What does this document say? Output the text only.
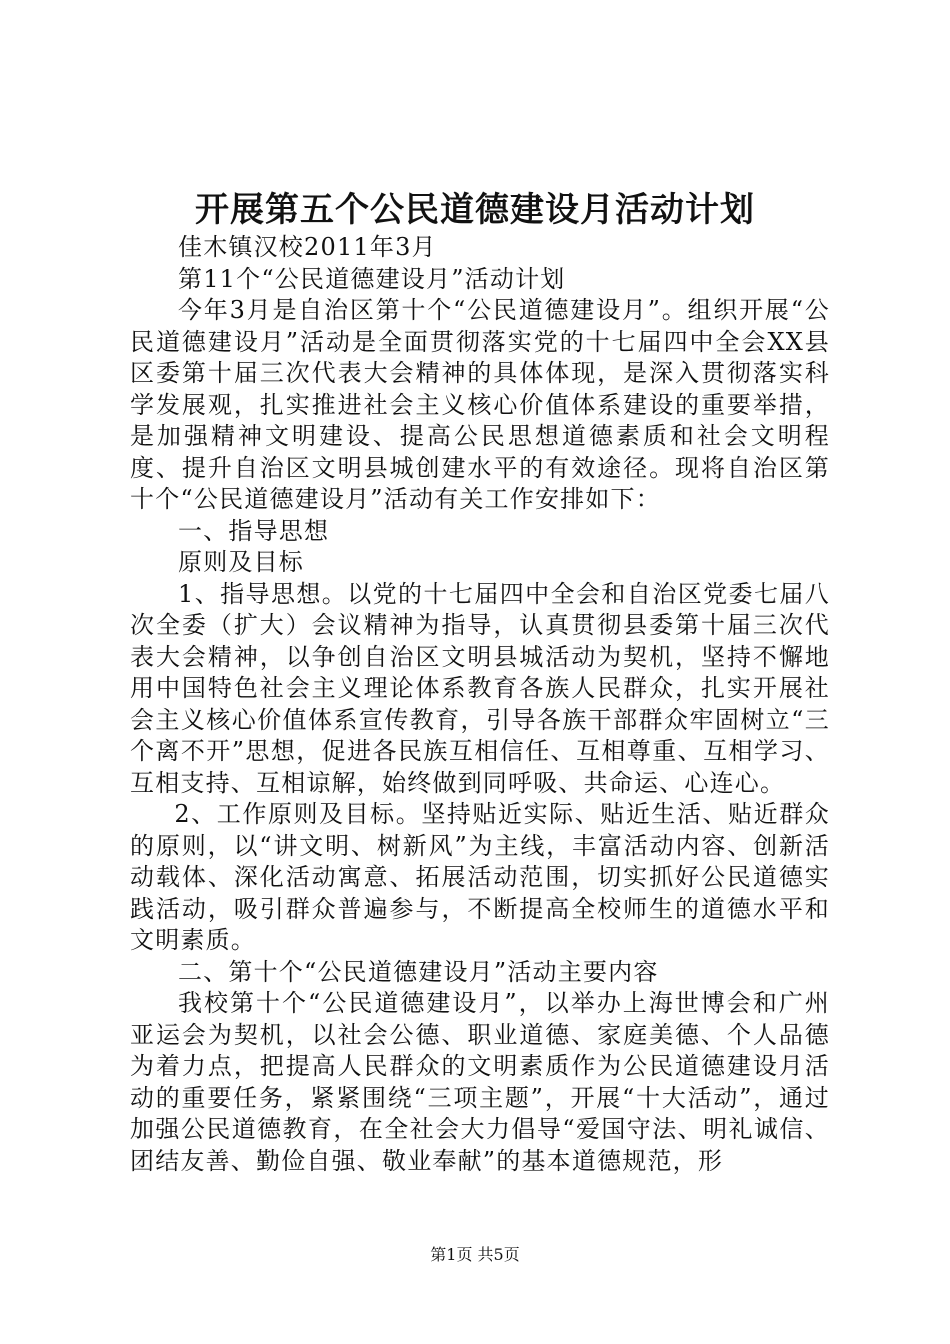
开展第五个公民道德建设月活动计划

佳木镇汉校2011年3月

第11个“公民道德建设月”活动计划

今年3月是自治区第十个“公民道德建设月”。组织开展“公民道德建设月”活动是全面贯彻落实党的十七届四中全会XX县区委第十届三次代表大会精神的具体体现，是深入贯彻落实科学发展观，扎实推进社会主义核心价值体系建设的重要举措，是加强精神文明建设、提高公民思想道德素质和社会文明程度、提升自治区文明县城创建水平的有效途径。现将自治区第十个“公民道德建设月”活动有关工作安排如下：

一、指导思想

原则及目标

1、指导思想。以党的十七届四中全会和自治区党委七届八次全委（扩大）会议精神为指导，认真贯彻县委第十届三次代表大会精神，以争创自治区文明县城活动为契机，坚持不懈地用中国特色社会主义理论体系教育各族人民群众，扎实开展社会主义核心价值体系宣传教育，引导各族干部群众牢固树立“三个离不开”思想，促进各民族互相信任、互相尊重、互相学习、互相支持、互相谅解，始终做到同呼吸、共命运、心连心。

2、工作原则及目标。坚持贴近实际、贴近生活、贴近群众的原则，以“讲文明、树新风”为主线，丰富活动内容、创新活动载体、深化活动寓意、拓展活动范围，切实抓好公民道德实践活动，吸引群众普遍参与，不断提高全校师生的道德水平和文明素质。

二、第十个“公民道德建设月”活动主要内容

我校第十个“公民道德建设月”，以举办上海世博会和广州亚运会为契机，以社会公德、职业道德、家庭美德、个人品德为着力点，把提高人民群众的文明素质作为公民道德建设月活动的重要任务，紧紧围绕“三项主题”，开展“十大活动”，通过加强公民道德教育，在全社会大力倡导“爱国守法、明礼诚信、团结友善、勤俭自强、敬业奉献”的基本道德规范，形

第1页 共5页
